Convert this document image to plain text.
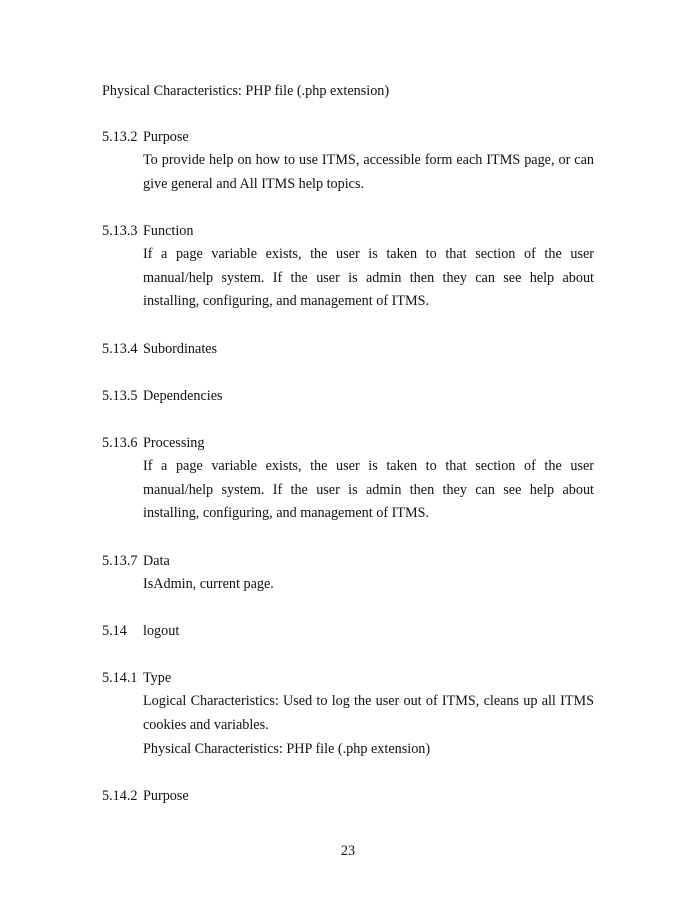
Physical Characteristics: PHP file (.php extension)
5.13.2 Purpose
To provide help on how to use ITMS, accessible form each ITMS page, or can give general and All ITMS help topics.
5.13.3 Function
If a page variable exists, the user is taken to that section of the user manual/help system. If the user is admin then they can see help about installing, configuring, and management of ITMS.
5.13.4 Subordinates
5.13.5 Dependencies
5.13.6 Processing
If a page variable exists, the user is taken to that section of the user manual/help system. If the user is admin then they can see help about installing, configuring, and management of ITMS.
5.13.7 Data
IsAdmin, current page.
5.14 logout
5.14.1 Type
Logical Characteristics: Used to log the user out of ITMS, cleans up all ITMS cookies and variables.
Physical Characteristics: PHP file (.php extension)
5.14.2 Purpose
23
